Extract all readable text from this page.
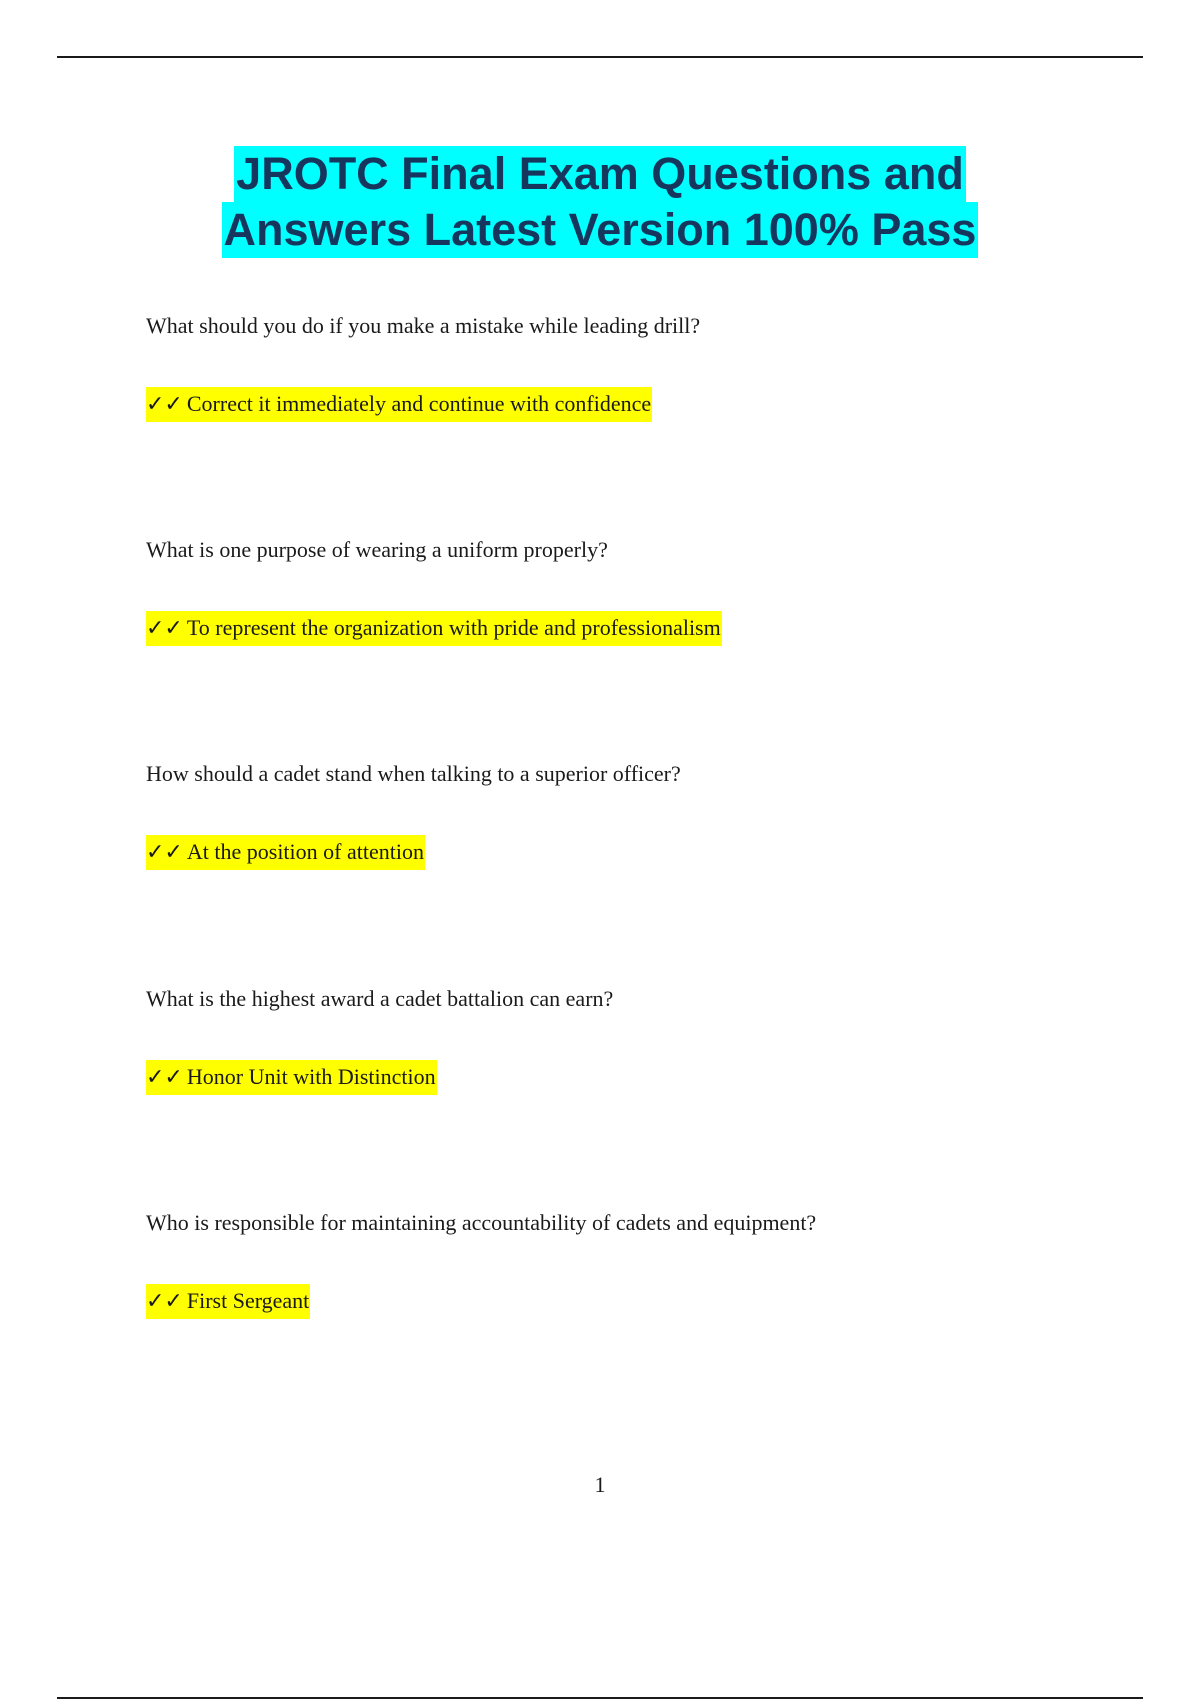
JROTC Final Exam Questions and
Answers Latest Version 100% Pass

What should you do if you make a mistake while leading drill?

✓✓ Correct it immediately and continue with confidence

What is one purpose of wearing a uniform properly?

✓✓ To represent the organization with pride and professionalism

How should a cadet stand when talking to a superior officer?

✓✓ At the position of attention

What is the highest award a cadet battalion can earn?

✓✓ Honor Unit with Distinction

Who is responsible for maintaining accountability of cadets and equipment?

✓✓ First Sergeant
1
